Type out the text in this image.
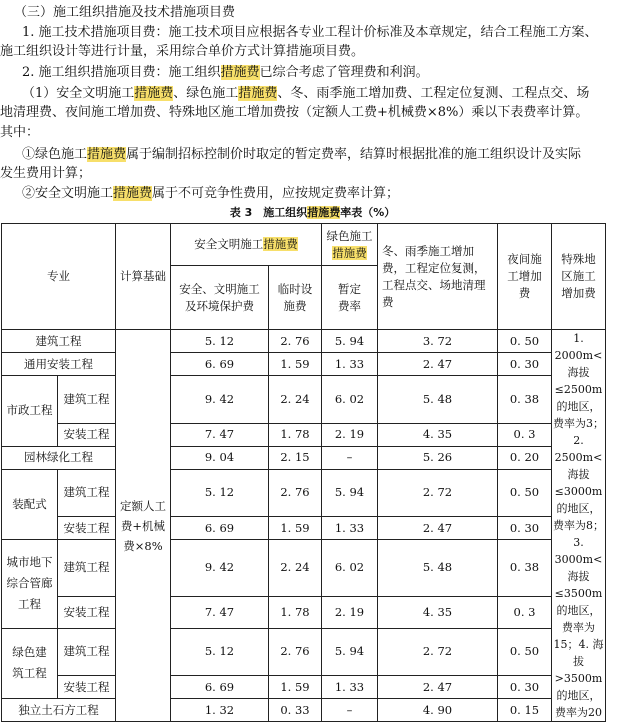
（三）施工组织措施及技术措施项目费
1. 施工技术措施项目费：施工技术项目应根据各专业工程计价标准及本章规定，结合工程施工方案、
施工组织设计等进行计量，采用综合单价方式计算措施项目费。
2. 施工组织措施项目费：施工组织措施费已综合考虑了管理费和利润。
（1）安全文明施工措施费、绿色施工措施费、冬、雨季施工增加费、工程定位复测、工程点交、场
地清理费、夜间施工增加费、特殊地区施工增加费按（定额人工费+机械费×8%）乘以下表费率计算。
其中：
①绿色施工措施费属于编制招标控制价时取定的暂定费率，结算时根据批准的施工组织设计及实际
发生费用计算；
②安全文明施工措施费属于不可竞争性费用，应按规定费率计算；
表 3　施工组织措施费率表（%）
专业		计算基础	安全文明施工措施费		绿色施工
措施费	冬、雨季施工增加费，工程定位复测，工程点交、场地清理费	夜间施工增加费	特殊地区施工增加费
			安全、文明施工及环境保护费	临时设施费	暂定费率			
建筑工程		定额人工费+机械费×8%	5. 12	2. 76	5. 94	3. 72	0. 50	1. 2000m<海拔≤2500m的地区，费率为3；2. 2500m<海拔≤3000m的地区，费率为8；3. 3000m<海拔≤3500m的地区，费率为15；4. 海拔>3500m的地区，费率为20
通用安装工程			6. 69	1. 59	1. 33	2. 47	0. 30	
市政工程	建筑工程		9. 42	2. 24	6. 02	5. 48	0. 38	
	安装工程		7. 47	1. 78	2. 19	4. 35	0. 3	
园林绿化工程			9. 04	2. 15	–	5. 26	0. 20	
装配式	建筑工程		5. 12	2. 76	5. 94	2. 72	0. 50	
	安装工程		6. 69	1. 59	1. 33	2. 47	0. 30	
城市地下综合管廊工程	建筑工程		9. 42	2. 24	6. 02	5. 48	0. 38	
	安装工程		7. 47	1. 78	2. 19	4. 35	0. 3	
绿色建筑工程	建筑工程		5. 12	2. 76	5. 94	2. 72	0. 50	
	安装工程		6. 69	1. 59	1. 33	2. 47	0. 30	
独立土石方工程			1. 32	0. 33	–	4. 90	0. 15	
